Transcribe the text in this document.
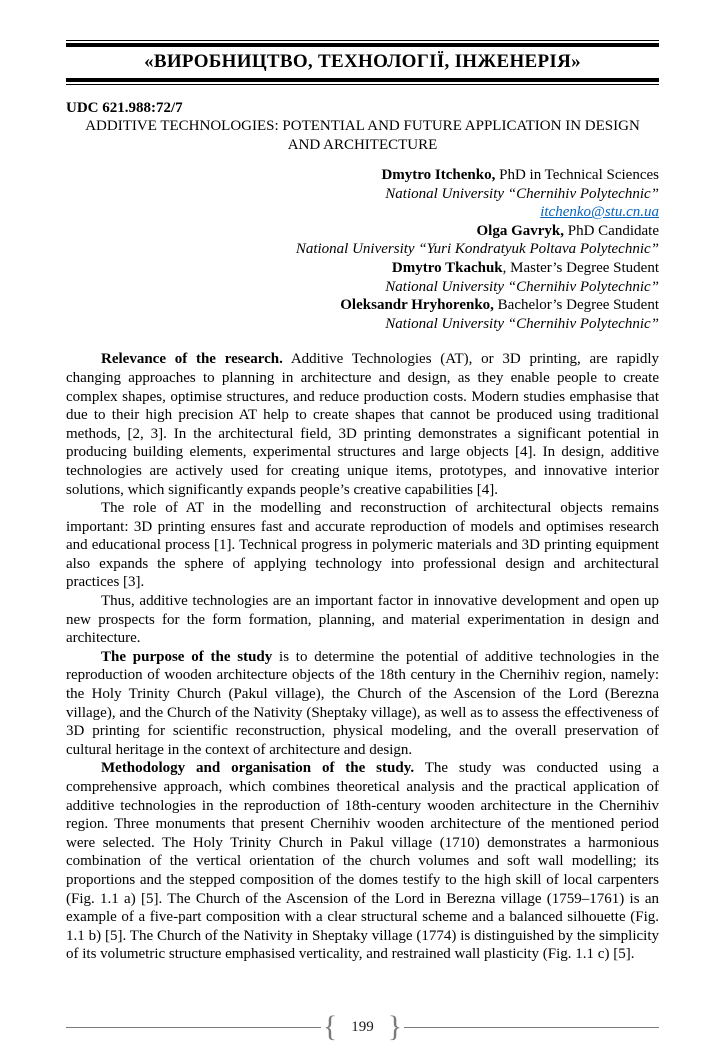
«ВИРОБНИЦТВО, ТЕХНОЛОГІЇ, ІНЖЕНЕРІЯ»
UDC 621.988:72/7
ADDITIVE TECHNOLOGIES: POTENTIAL AND FUTURE APPLICATION IN DESIGN AND ARCHITECTURE
Dmytro Itchenko, PhD in Technical Sciences
National University “Chernihiv Polytechnic”
itchenko@stu.cn.ua
Olga Gavryk, PhD Candidate
National University “Yuri Kondratyuk Poltava Polytechnic”
Dmytro Tkachuk, Master’s Degree Student
National University “Chernihiv Polytechnic”
Oleksandr Hryhorenko, Bachelor’s Degree Student
National University “Chernihiv Polytechnic”

Relevance of the research. Additive Technologies (AT), or 3D printing, are rapidly changing approaches to planning in architecture and design, as they enable people to create complex shapes, optimise structures, and reduce production costs. Modern studies emphasise that due to their high precision AT help to create shapes that cannot be produced using traditional methods, [2, 3]. In the architectural field, 3D printing demonstrates a significant potential in producing building elements, experimental structures and large objects [4]. In design, additive technologies are actively used for creating unique items, prototypes, and innovative interior solutions, which significantly expands people’s creative capabilities [4].

The role of AT in the modelling and reconstruction of architectural objects remains important: 3D printing ensures fast and accurate reproduction of models and optimises research and educational process [1]. Technical progress in polymeric materials and 3D printing equipment also expands the sphere of applying technology into professional design and architectural practices [3].

Thus, additive technologies are an important factor in innovative development and open up new prospects for the form formation, planning, and material experimentation in design and architecture.

The purpose of the study is to determine the potential of additive technologies in the reproduction of wooden architecture objects of the 18th century in the Chernihiv region, namely: the Holy Trinity Church (Pakul village), the Church of the Ascension of the Lord (Berezna village), and the Church of the Nativity (Sheptaky village), as well as to assess the effectiveness of 3D printing for scientific reconstruction, physical modeling, and the overall preservation of cultural heritage in the context of architecture and design.

Methodology and organisation of the study. The study was conducted using a comprehensive approach, which combines theoretical analysis and the practical application of additive technologies in the reproduction of 18th-century wooden architecture in the Chernihiv region. Three monuments that present Chernihiv wooden architecture of the mentioned period were selected. The Holy Trinity Church in Pakul village (1710) demonstrates a harmonious combination of the vertical orientation of the church volumes and soft wall modelling; its proportions and the stepped composition of the domes testify to the high skill of local carpenters (Fig. 1.1 a) [5]. The Church of the Ascension of the Lord in Berezna village (1759–1761) is an example of a five-part composition with a clear structural scheme and a balanced silhouette (Fig. 1.1 b) [5]. The Church of the Nativity in Sheptaky village (1774) is distinguished by the simplicity of its volumetric structure emphasised verticality, and restrained wall plasticity (Fig. 1.1 c) [5].

{ 199 }
